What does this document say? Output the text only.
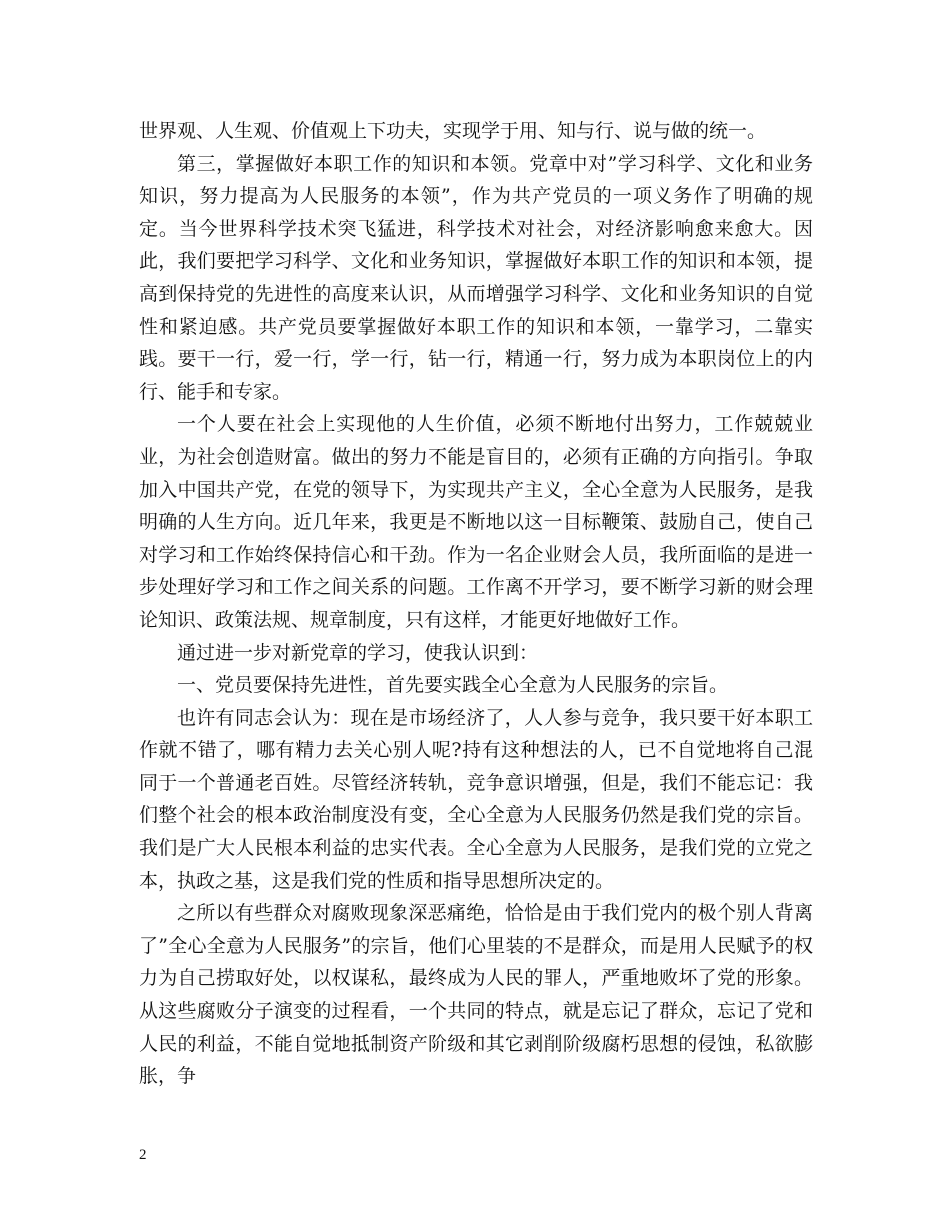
世界观、人生观、价值观上下功夫，实现学于用、知与行、说与做的统一。

第三，掌握做好本职工作的知识和本领。党章中对”学习科学、文化和业务知识，努力提高为人民服务的本领”，作为共产党员的一项义务作了明确的规定。当今世界科学技术突飞猛进，科学技术对社会，对经济影响愈来愈大。因此，我们要把学习科学、文化和业务知识，掌握做好本职工作的知识和本领，提高到保持党的先进性的高度来认识，从而增强学习科学、文化和业务知识的自觉性和紧迫感。共产党员要掌握做好本职工作的知识和本领，一靠学习，二靠实践。要干一行，爱一行，学一行，钻一行，精通一行，努力成为本职岗位上的内行、能手和专家。

一个人要在社会上实现他的人生价值，必须不断地付出努力，工作兢兢业业，为社会创造财富。做出的努力不能是盲目的，必须有正确的方向指引。争取加入中国共产党，在党的领导下，为实现共产主义，全心全意为人民服务，是我明确的人生方向。近几年来，我更是不断地以这一目标鞭策、鼓励自己，使自己对学习和工作始终保持信心和干劲。作为一名企业财会人员，我所面临的是进一步处理好学习和工作之间关系的问题。工作离不开学习，要不断学习新的财会理论知识、政策法规、规章制度，只有这样，才能更好地做好工作。

通过进一步对新党章的学习，使我认识到：

一、党员要保持先进性，首先要实践全心全意为人民服务的宗旨。

也许有同志会认为：现在是市场经济了，人人参与竞争，我只要干好本职工作就不错了，哪有精力去关心别人呢?持有这种想法的人，已不自觉地将自己混同于一个普通老百姓。尽管经济转轨，竞争意识增强，但是，我们不能忘记：我们整个社会的根本政治制度没有变，全心全意为人民服务仍然是我们党的宗旨。我们是广大人民根本利益的忠实代表。全心全意为人民服务，是我们党的立党之本，执政之基，这是我们党的性质和指导思想所决定的。

之所以有些群众对腐败现象深恶痛绝，恰恰是由于我们党内的极个别人背离了”全心全意为人民服务”的宗旨，他们心里装的不是群众，而是用人民赋予的权力为自己捞取好处，以权谋私，最终成为人民的罪人，严重地败坏了党的形象。从这些腐败分子演变的过程看，一个共同的特点，就是忘记了群众，忘记了党和人民的利益，不能自觉地抵制资产阶级和其它剥削阶级腐朽思想的侵蚀，私欲膨胀，争

2
